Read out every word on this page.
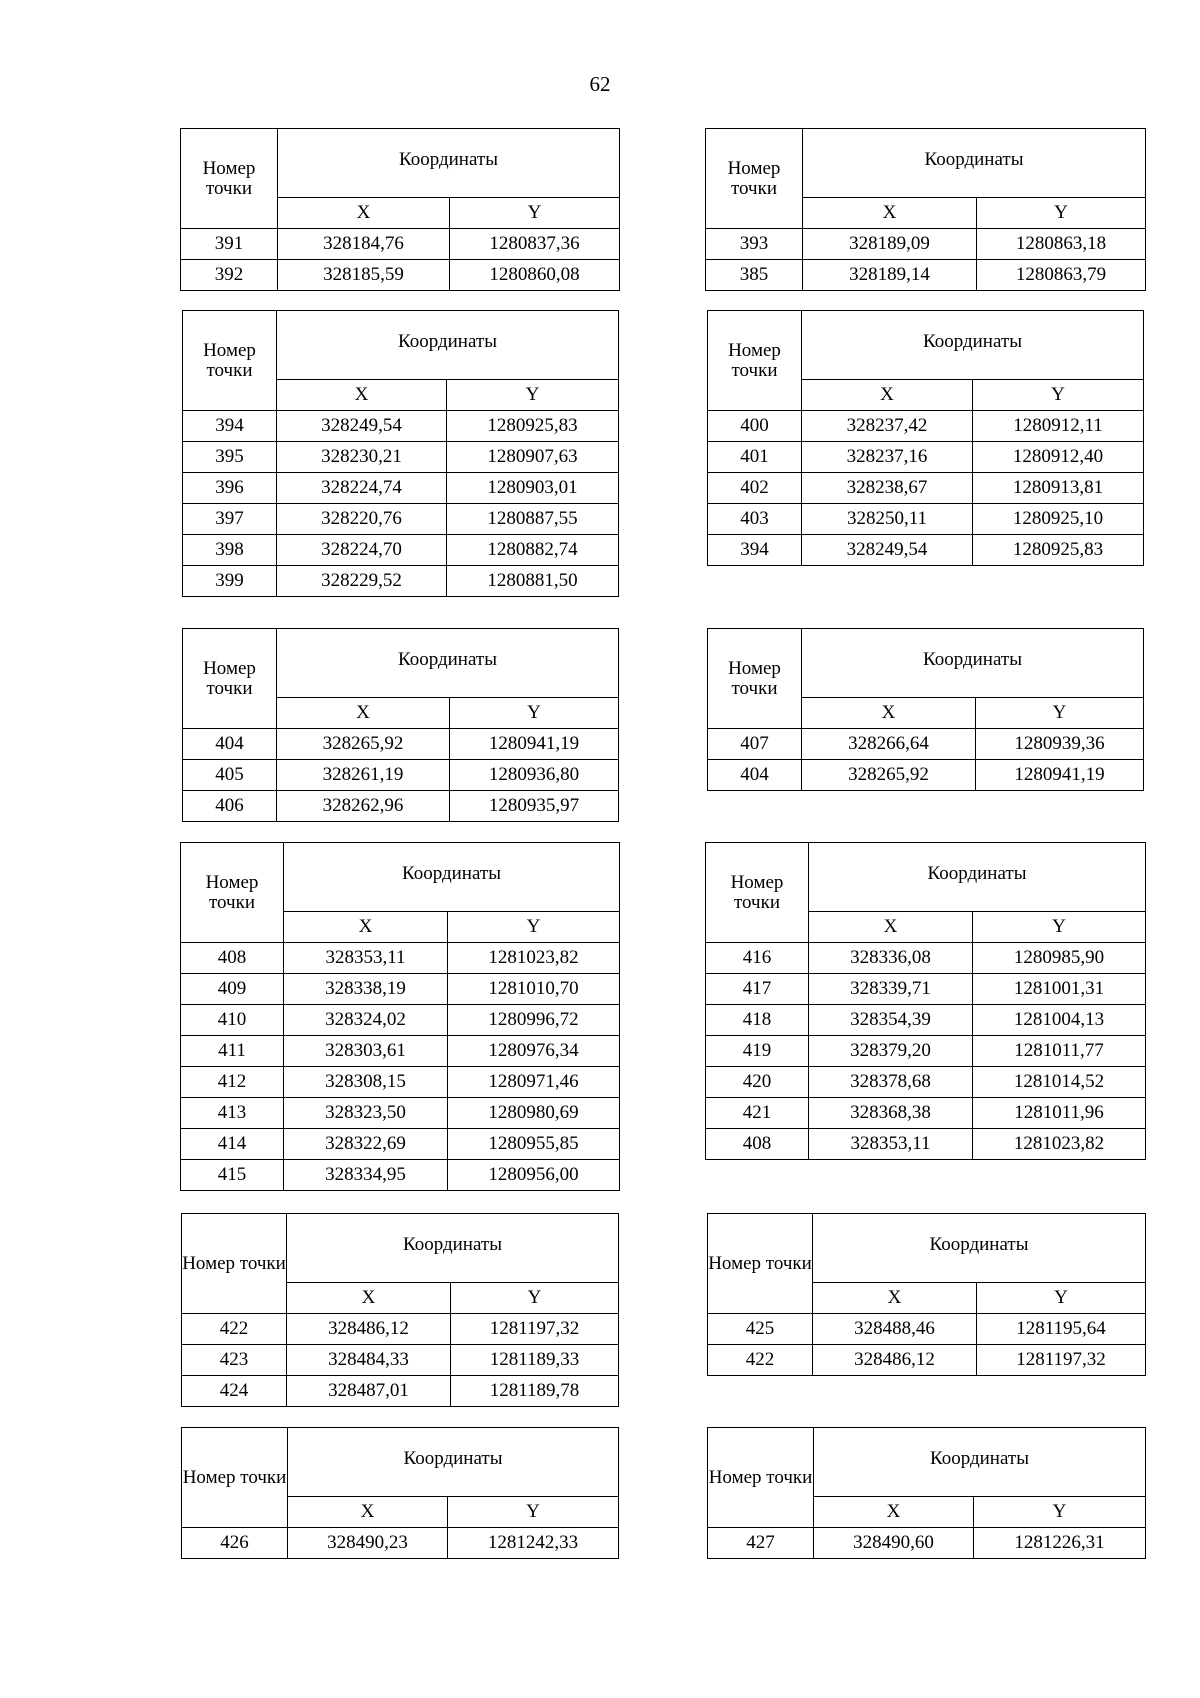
62
Номер точки	Координаты	
	X	Y
391	328184,76	1280837,36
392	328185,59	1280860,08
Номер точки	Координаты	
	X	Y
393	328189,09	1280863,18
385	328189,14	1280863,79
Номер точки	Координаты	
	X	Y
394	328249,54	1280925,83
395	328230,21	1280907,63
396	328224,74	1280903,01
397	328220,76	1280887,55
398	328224,70	1280882,74
399	328229,52	1280881,50
Номер точки	Координаты	
	X	Y
400	328237,42	1280912,11
401	328237,16	1280912,40
402	328238,67	1280913,81
403	328250,11	1280925,10
394	328249,54	1280925,83
Номер точки	Координаты	
	X	Y
404	328265,92	1280941,19
405	328261,19	1280936,80
406	328262,96	1280935,97
Номер точки	Координаты	
	X	Y
407	328266,64	1280939,36
404	328265,92	1280941,19
Номер точки	Координаты	
	X	Y
408	328353,11	1281023,82
409	328338,19	1281010,70
410	328324,02	1280996,72
411	328303,61	1280976,34
412	328308,15	1280971,46
413	328323,50	1280980,69
414	328322,69	1280955,85
415	328334,95	1280956,00
Номер точки	Координаты	
	X	Y
416	328336,08	1280985,90
417	328339,71	1281001,31
418	328354,39	1281004,13
419	328379,20	1281011,77
420	328378,68	1281014,52
421	328368,38	1281011,96
408	328353,11	1281023,82
Номер точки	Координаты	
	X	Y
422	328486,12	1281197,32
423	328484,33	1281189,33
424	328487,01	1281189,78
Номер точки	Координаты	
	X	Y
425	328488,46	1281195,64
422	328486,12	1281197,32
Номер точки	Координаты	
	X	Y
426	328490,23	1281242,33
Номер точки	Координаты	
	X	Y
427	328490,60	1281226,31
